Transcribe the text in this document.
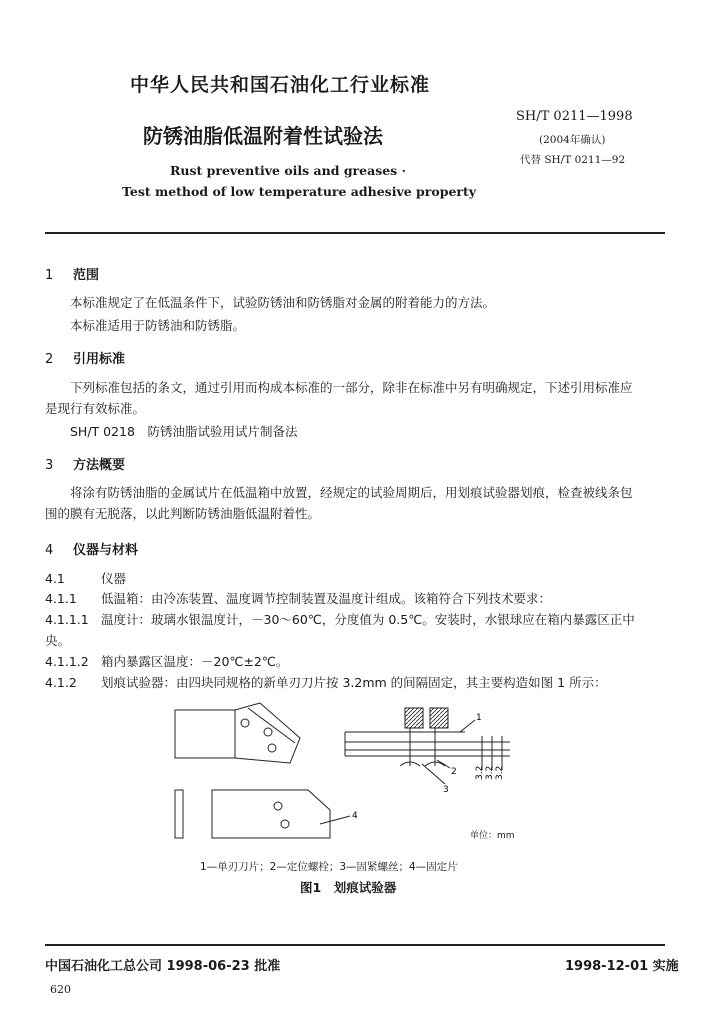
中华人民共和国石油化工行业标准
SH/T 0211—1998
(2004年确认)
代替 SH/T 0211—92
防锈油脂低温附着性试验法
Rust preventive oils and greases ·
Test method of low temperature adhesive property
1 范围
本标准规定了在低温条件下，试验防锈油和防锈脂对金属的附着能力的方法。
本标准适用于防锈油和防锈脂。
2 引用标准
下列标准包括的条文，通过引用而构成本标准的一部分，除非在标准中另有明确规定，下述引用标准应是现行有效标准。
SH/T 0218　防锈油脂试验用试片制备法
3 方法概要
将涂有防锈油脂的金属试片在低温箱中放置，经规定的试验周期后，用划痕试验器划痕，检查被线条包围的膜有无脱落，以此判断防锈油脂低温附着性。
4 仪器与材料
4.1	仪器
4.1.1 低温箱：由冷冻装置、温度调节控制装置及温度计组成。该箱符合下列技术要求：
4.1.1.1 温度计：玻璃水银温度计，－30～60℃，分度值为 0.5℃。安装时，水银球应在箱内暴露区正中央。
4.1.1.2 箱内暴露区温度：－20℃±2℃。
4.1.2 划痕试验器：由四块同规格的新单刃刀片按 3.2mm 的间隔固定，其主要构造如图 1 所示：
1
2
3
4
3.2 3.2 3.2
单位：mm
1—单刃刀片；2—定位螺栓；3—固紧螺丝；4—固定片
图1　划痕试验器
中国石油化工总公司 1998-06-23 批准	1998-12-01 实施
620
